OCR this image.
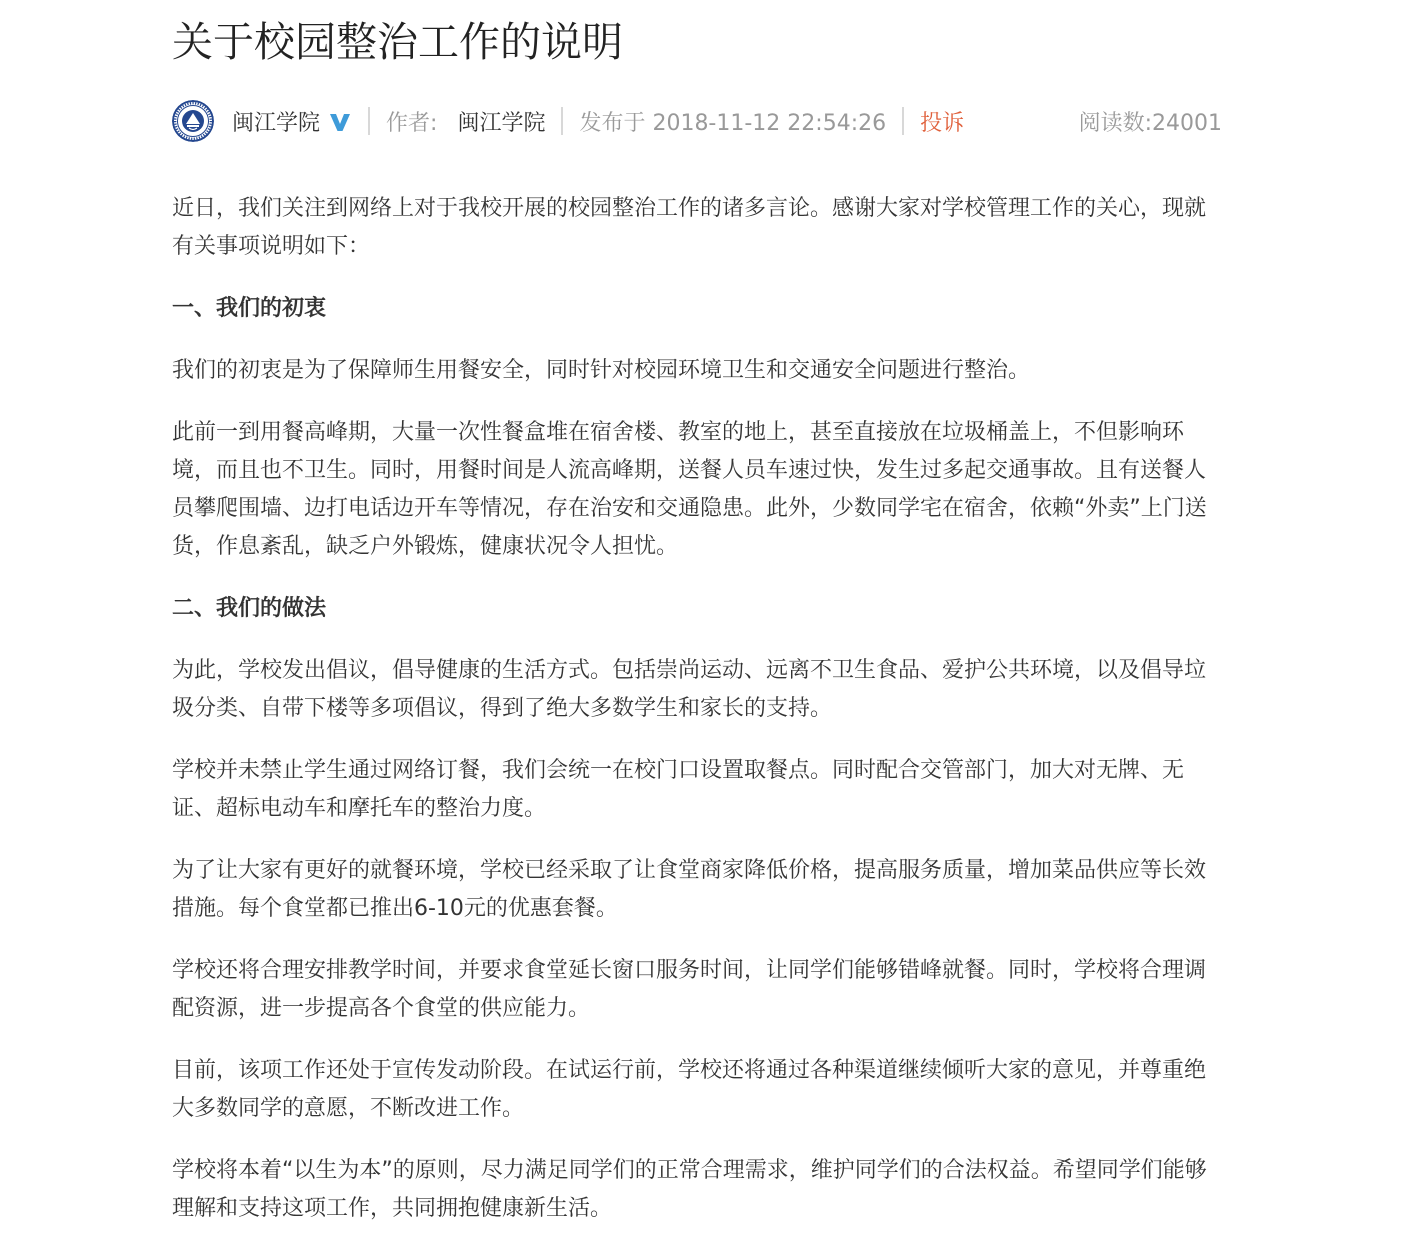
关于校园整治工作的说明
闽江学院	作者: 闽江学院 发布于 2018-11-12 22:54:26 投诉	阅读数:24001

近日，我们关注到网络上对于我校开展的校园整治工作的诸多言论。感谢大家对学校管理工作的关心，现就有关事项说明如下：

一、我们的初衷

我们的初衷是为了保障师生用餐安全，同时针对校园环境卫生和交通安全问题进行整治。

此前一到用餐高峰期，大量一次性餐盒堆在宿舍楼、教室的地上，甚至直接放在垃圾桶盖上，不但影响环境，而且也不卫生。同时，用餐时间是人流高峰期，送餐人员车速过快，发生过多起交通事故。且有送餐人员攀爬围墙、边打电话边开车等情况，存在治安和交通隐患。此外，少数同学宅在宿舍，依赖“外卖”上门送货，作息紊乱，缺乏户外锻炼，健康状况令人担忧。

二、我们的做法

为此，学校发出倡议，倡导健康的生活方式。包括崇尚运动、远离不卫生食品、爱护公共环境，以及倡导垃圾分类、自带下楼等多项倡议，得到了绝大多数学生和家长的支持。

学校并未禁止学生通过网络订餐，我们会统一在校门口设置取餐点。同时配合交管部门，加大对无牌、无证、超标电动车和摩托车的整治力度。

为了让大家有更好的就餐环境，学校已经采取了让食堂商家降低价格，提高服务质量，增加菜品供应等长效措施。每个食堂都已推出6-10元的优惠套餐。

学校还将合理安排教学时间，并要求食堂延长窗口服务时间，让同学们能够错峰就餐。同时，学校将合理调配资源，进一步提高各个食堂的供应能力。

目前，该项工作还处于宣传发动阶段。在试运行前，学校还将通过各种渠道继续倾听大家的意见，并尊重绝大多数同学的意愿，不断改进工作。

学校将本着“以生为本”的原则，尽力满足同学们的正常合理需求，维护同学们的合法权益。希望同学们能够理解和支持这项工作，共同拥抱健康新生活。
